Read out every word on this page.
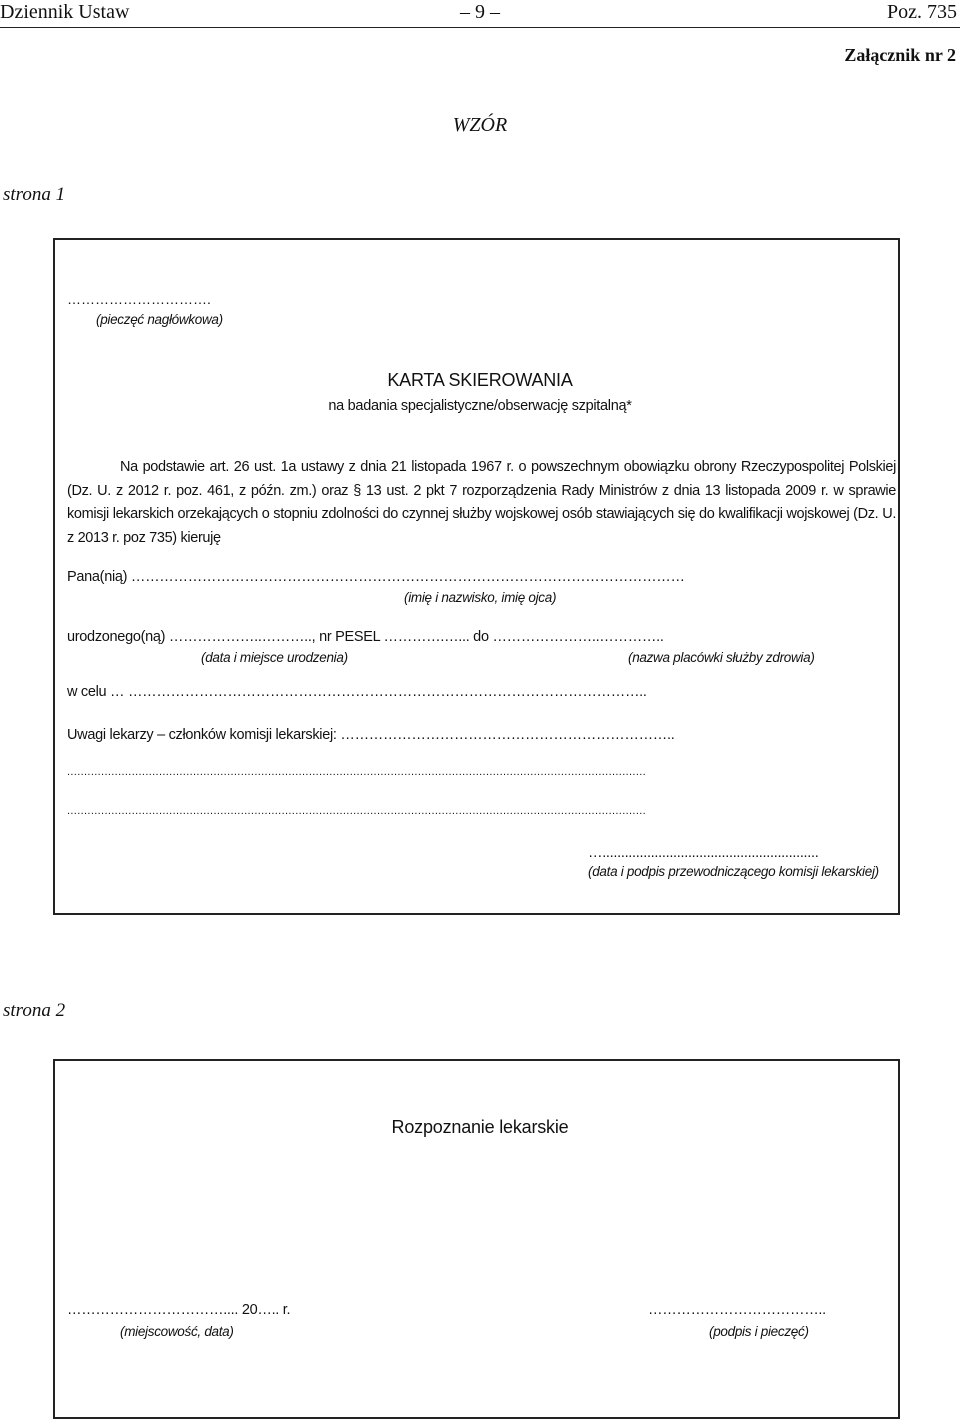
Dziennik Ustaw	– 9 –	Poz. 735
Załącznik nr 2
WZÓR
strona 1
………………………….
(pieczęć nagłówkowa)
KARTA SKIEROWANIA
na badania specjalistyczne/obserwację szpitalną*
Na podstawie art. 26 ust. 1a ustawy z dnia 21 listopada 1967 r. o powszechnym obowiązku obrony Rzeczypospolitej Polskiej (Dz. U. z 2012 r. poz. 461, z późn. zm.) oraz § 13 ust. 2 pkt 7 rozporządzenia Rady Ministrów z dnia 13 listopada 2009 r. w sprawie komisji lekarskich orzekających o stopniu zdolności do czynnej służby wojskowej osób stawiających się do kwalifikacji wojskowej (Dz. U. z 2013 r. poz 735) kieruję
Pana(nią) ………………………………………………………………………………………………………
(imię i nazwisko, imię ojca)
urodzonego(ną) ………………..……….., nr PESEL ………….…... do …………………..…………..
(data i miejsce urodzenia)	(nazwa placówki służby zdrowia)
w celu … ………………………………………………………………………………………………..
Uwagi lekarzy – członków komisji lekarskiej: ……………………………………………………………..
..........................................................................................................................................................................
..........................................................................................................................................................................
…..........................................................
(data i podpis przewodniczącego komisji lekarskiej)
strona 2
Rozpoznanie lekarskie
…………………………….... 20….. r.
(miejscowość, data)
………………………………..
(podpis i pieczęć)
